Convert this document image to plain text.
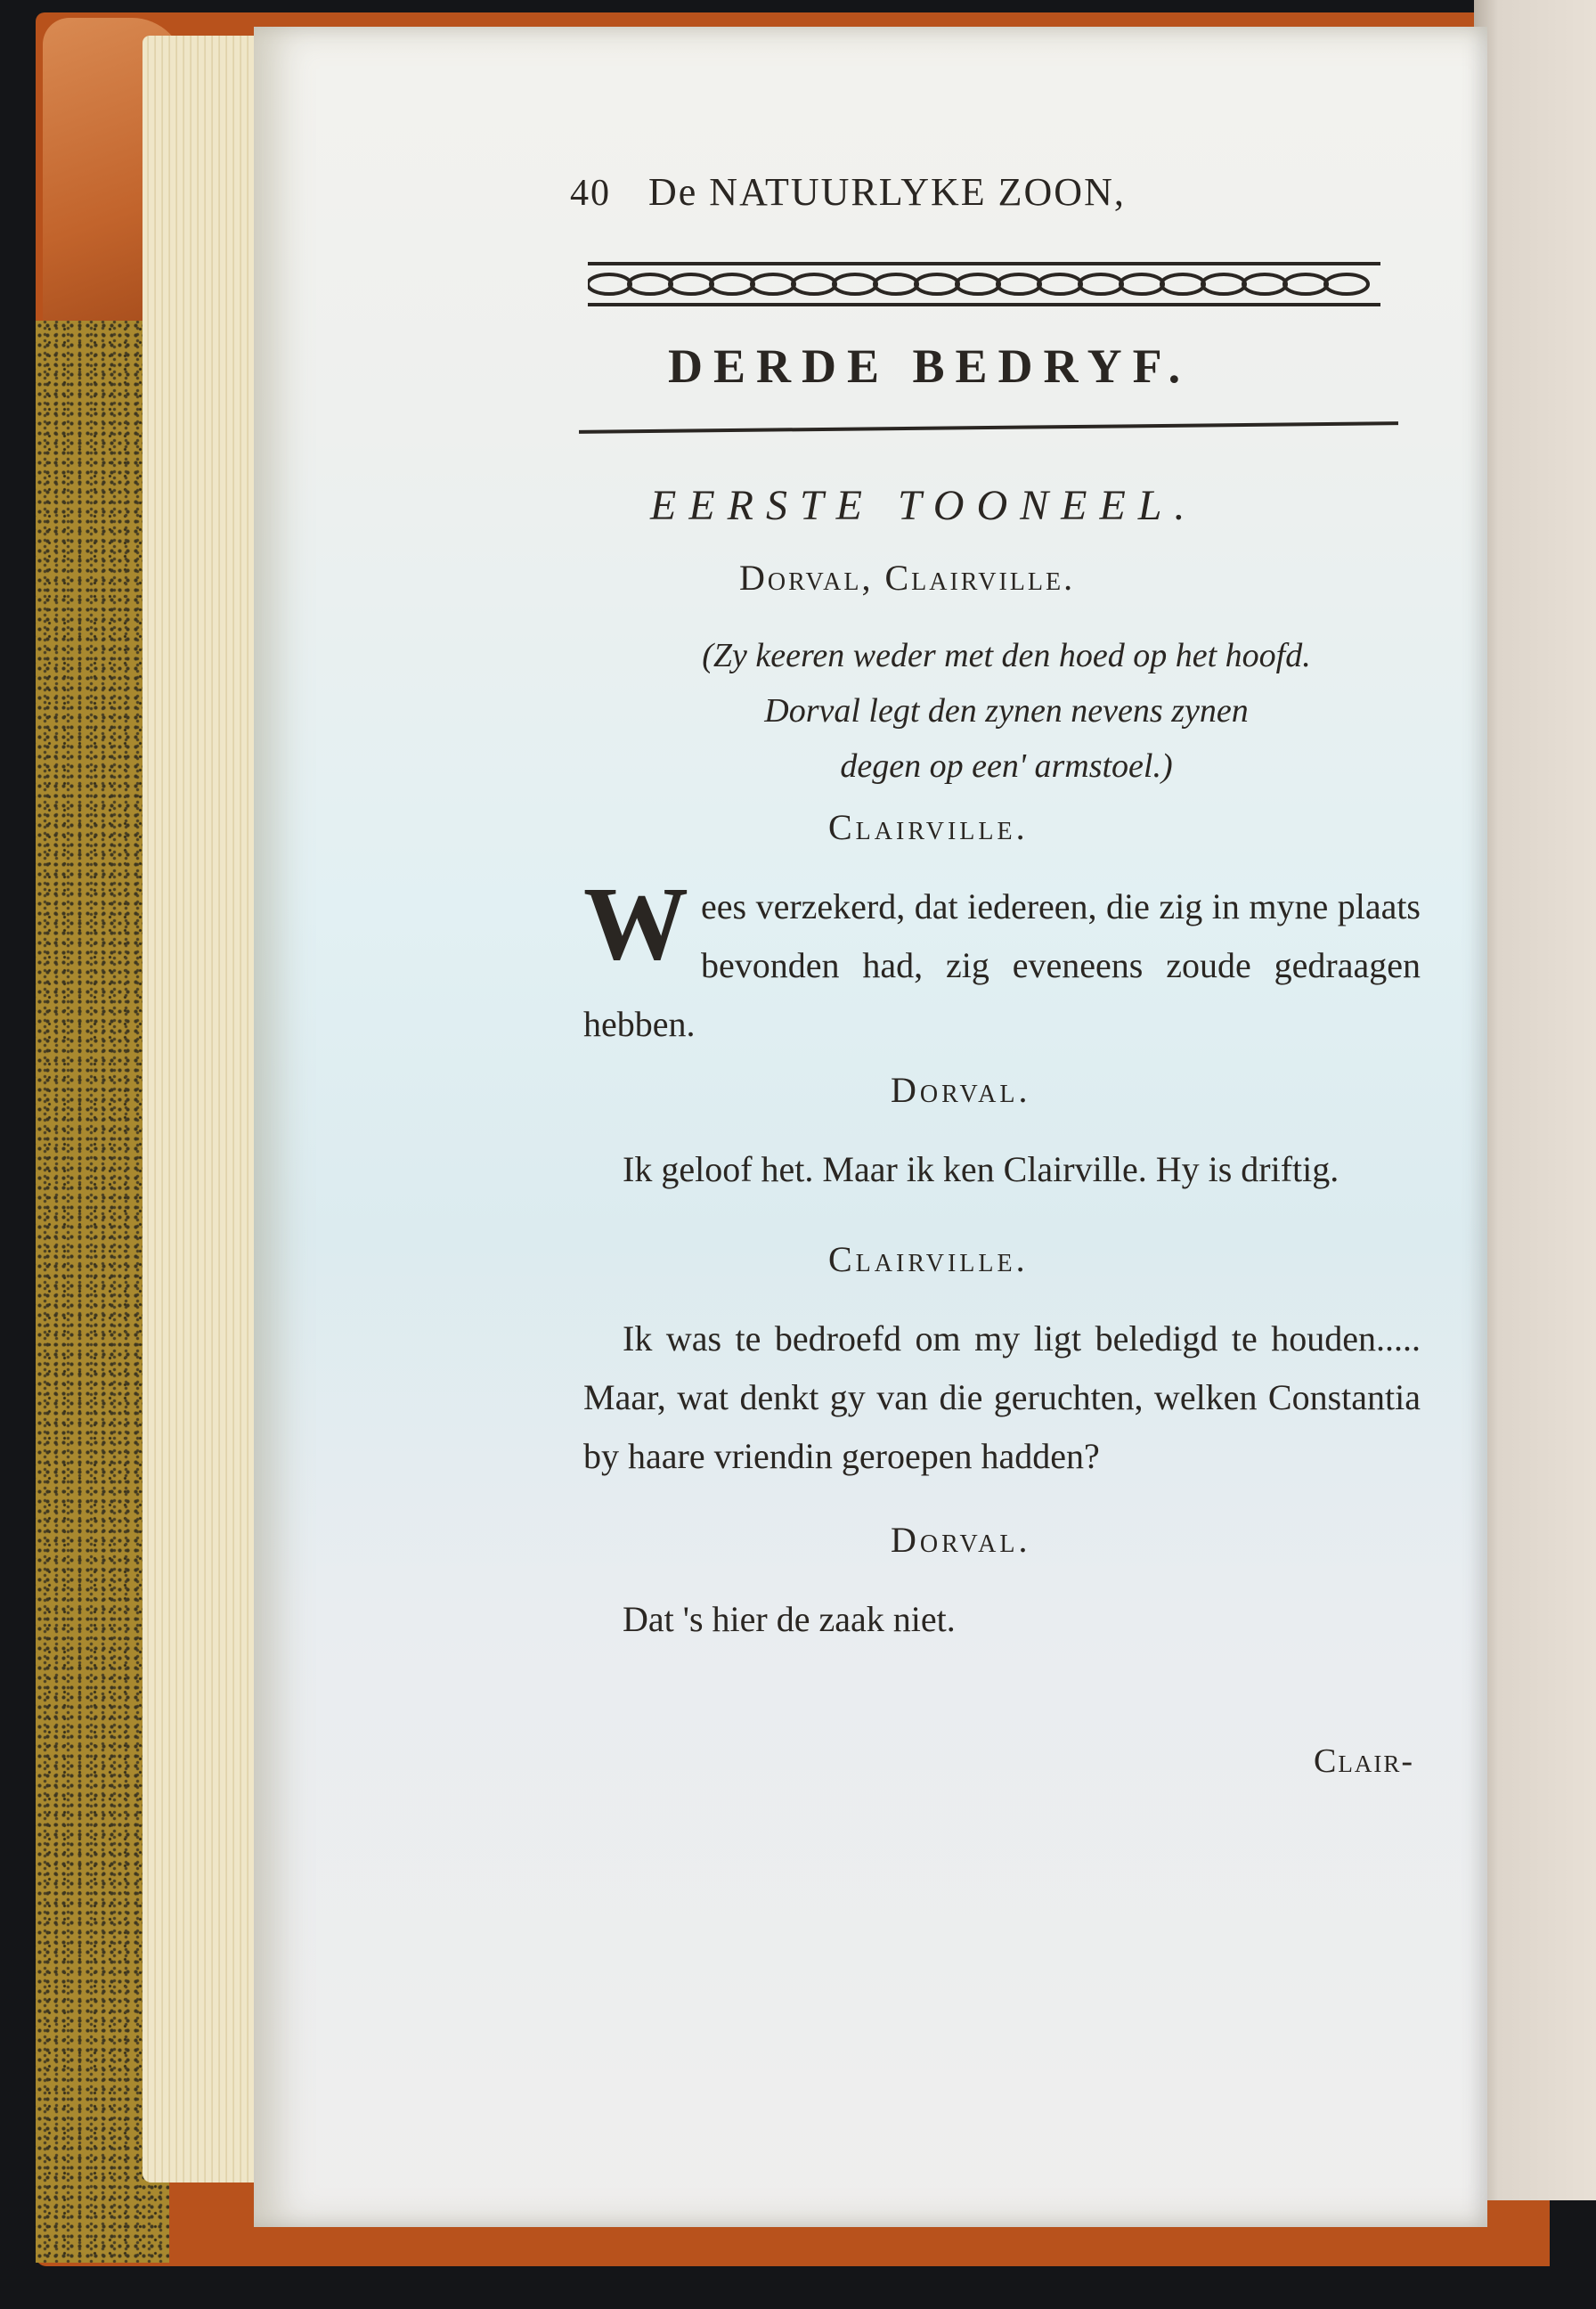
40 De NATUURLYKE ZOON,
DERDE BEDRYF.
EERSTE TOONEEL.
Dorval, Clairville.
(Zy keeren weder met den hoed op het hoofd.
Dorval legt den zynen nevens zynen
degen op een' armstoel.)
Clairville.
Wees verzekerd, dat iedereen, die zig in myne plaats bevonden had, zig eveneens zoude gedraagen hebben.
Dorval.
Ik geloof het. Maar ik ken Clairville. Hy is driftig.
Clairville.
Ik was te bedroefd om my ligt beledigd te houden..... Maar, wat denkt gy van die geruchten, welken Constantia by haare vriendin geroepen hadden?
Dorval.
Dat 's hier de zaak niet.
Clair-
